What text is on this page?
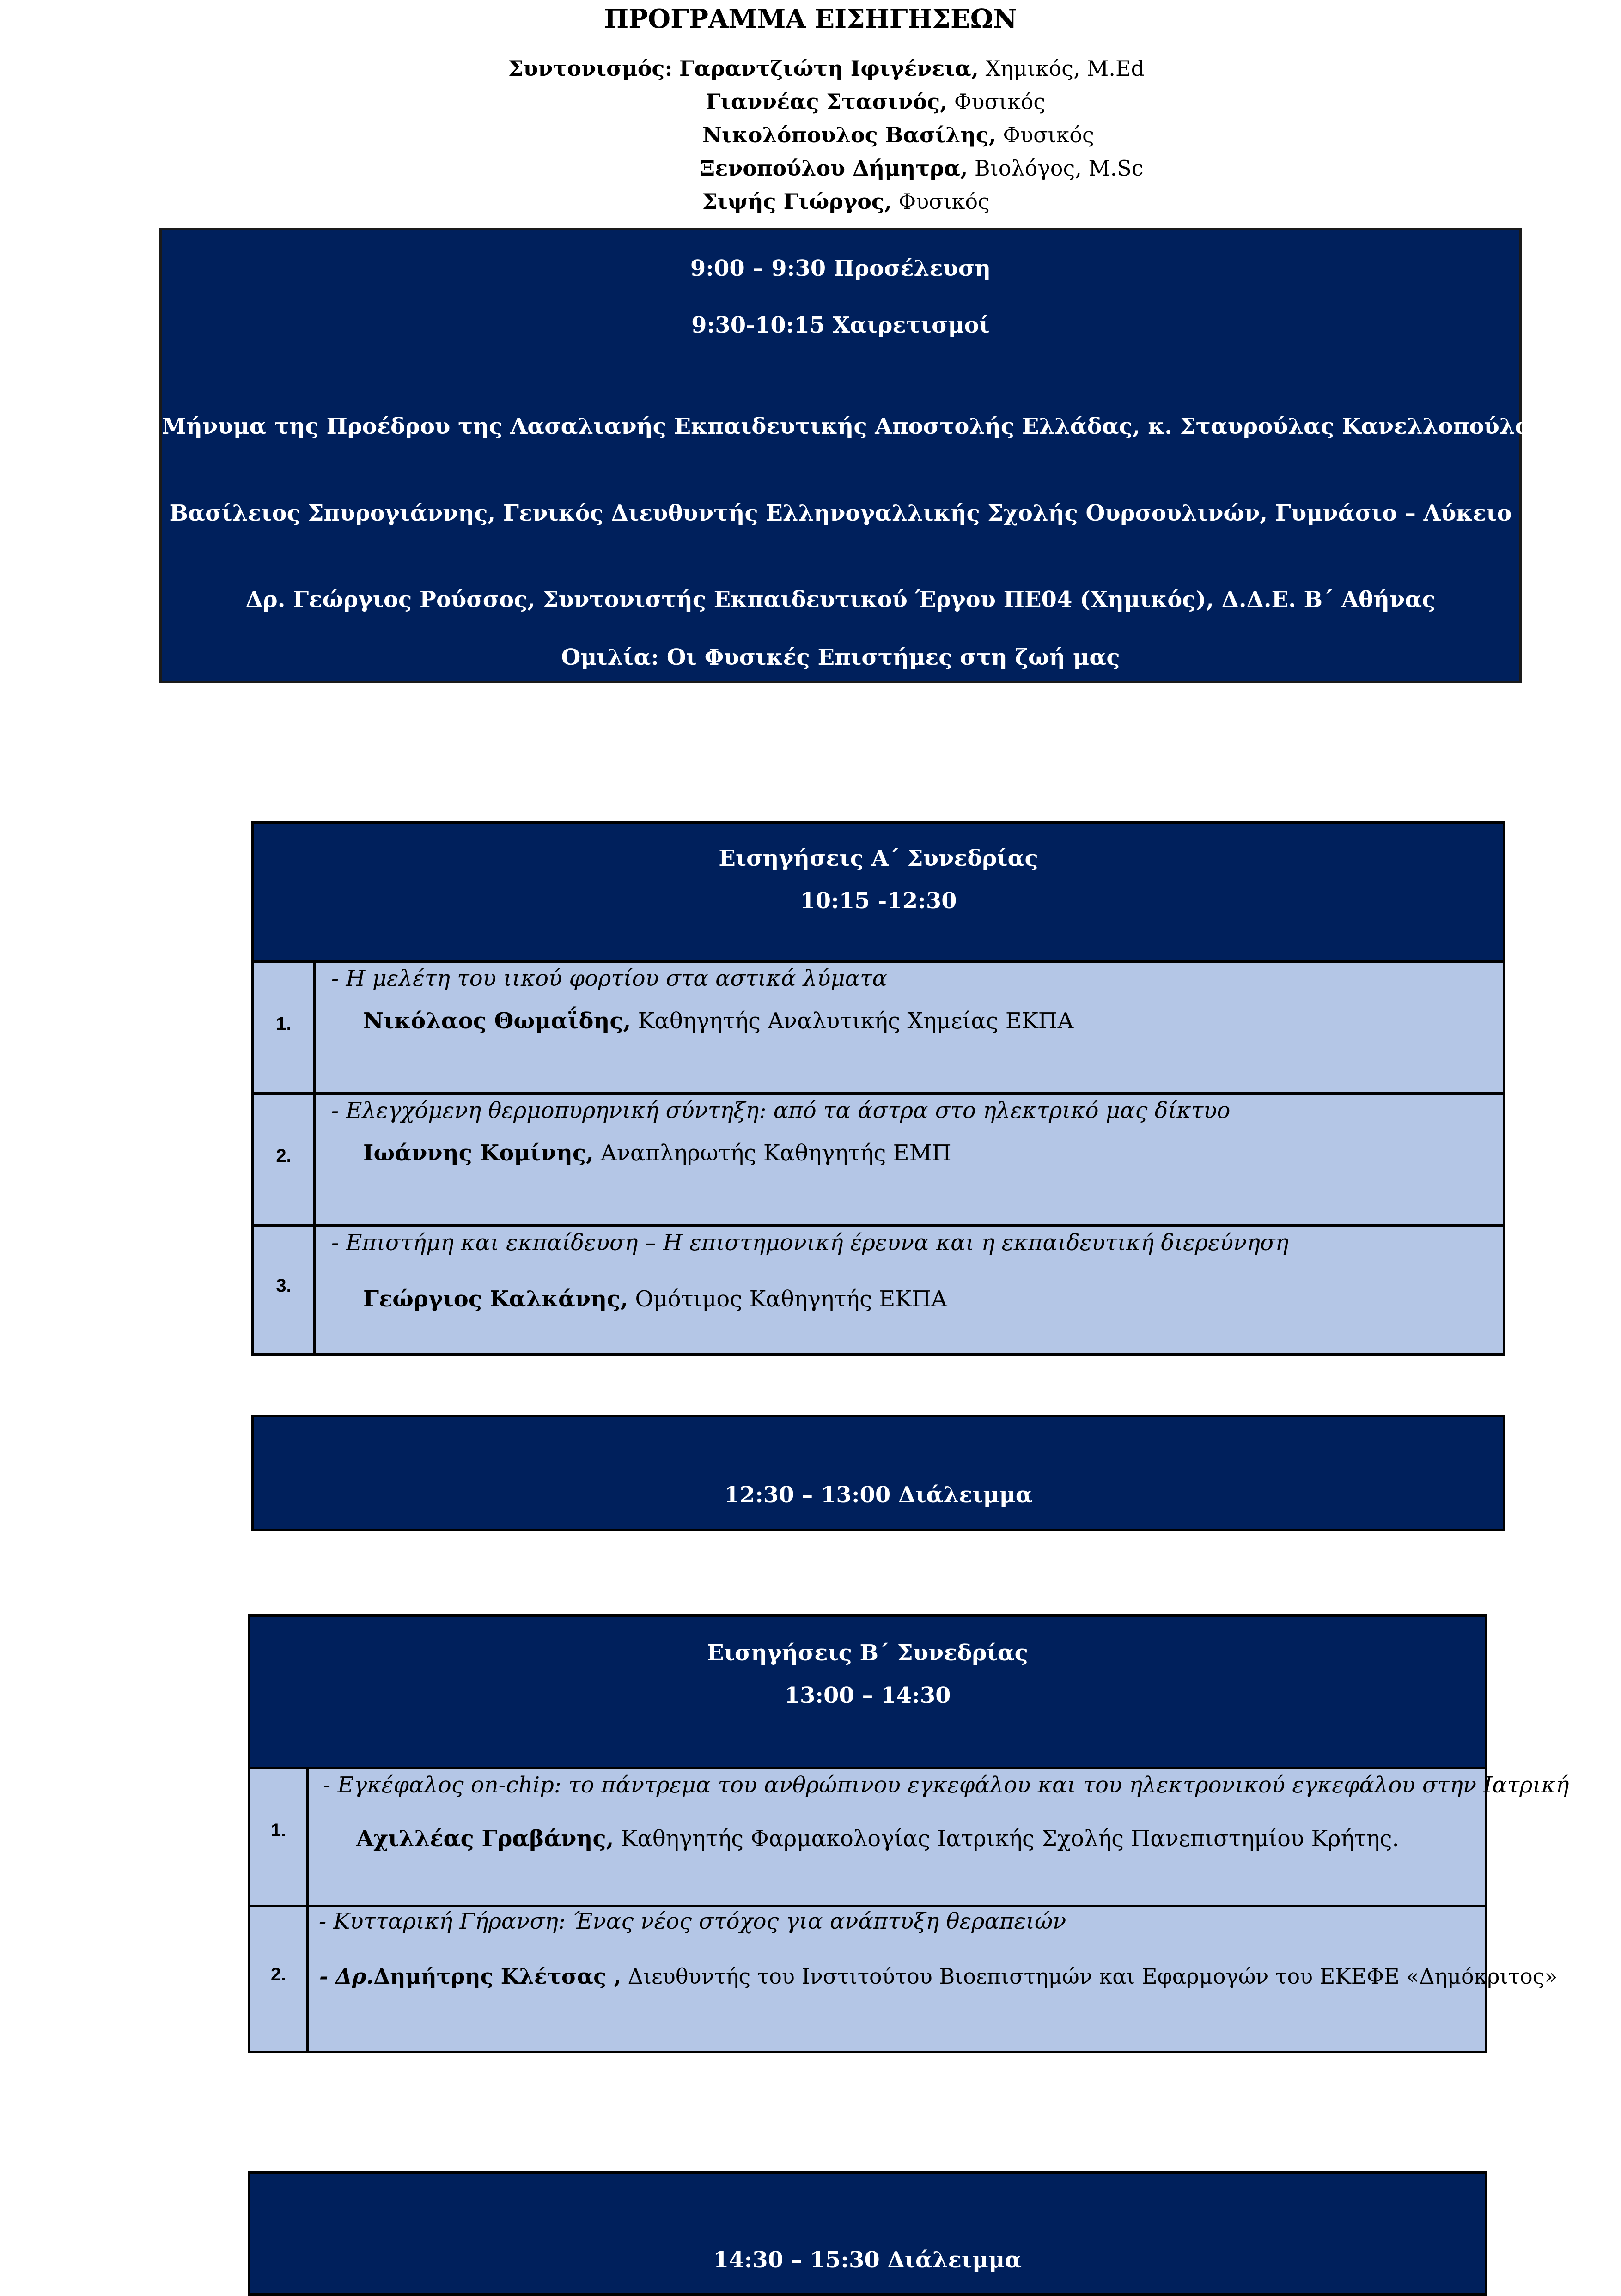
ΠΡΟΓΡΑΜΜΑ ΕΙΣΗΓΗΣΕΩΝ
Συντονισμός: Γαραντζιώτη Ιφιγένεια, Χημικός, M.Ed
Γιαννέας Στασινός, Φυσικός
Νικολόπουλος Βασίλης, Φυσικός
Ξενοπούλου Δήμητρα, Βιολόγος, M.Sc
Σιψής Γιώργος, Φυσικός
9:00 – 9:30 Προσέλευση
9:30-10:15 Χαιρετισμοί
Μήνυμα της Προέδρου της Λασαλιανής Εκπαιδευτικής Αποστολής Ελλάδας, κ. Σταυρούλας Κανελλοπούλου
Βασίλειος Σπυρογιάννης, Γενικός Διευθυντής Ελληνογαλλικής Σχολής Ουρσουλινών, Γυμνάσιο – Λύκειο
Δρ. Γεώργιος Ρούσσος, Συντονιστής Εκπαιδευτικού Έργου ΠΕ04 (Χημικός), Δ.Δ.Ε. Β΄ Αθήνας
Ομιλία: Οι Φυσικές Επιστήμες στη ζωή μας
Εισηγήσεις Α΄ Συνεδρίας
10:15 -12:30
1.
- Η μελέτη του ιικού φορτίου στα αστικά λύματα
Νικόλαος Θωμαΐδης, Καθηγητής Αναλυτικής Χημείας ΕΚΠΑ
2.
- Ελεγχόμενη θερμοπυρηνική σύντηξη: από τα άστρα στο ηλεκτρικό μας δίκτυο
Ιωάννης Κομίνης, Αναπληρωτής Καθηγητής ΕΜΠ
3.
- Επιστήμη και εκπαίδευση – Η επιστημονική έρευνα και η εκπαιδευτική διερεύνηση
Γεώργιος Καλκάνης, Ομότιμος Καθηγητής ΕΚΠΑ
12:30 – 13:00 Διάλειμμα
Εισηγήσεις Β΄ Συνεδρίας
13:00 – 14:30
1.
- Εγκέφαλος on-chip: το πάντρεμα του ανθρώπινου εγκεφάλου και του ηλεκτρονικού εγκεφάλου στην Ιατρική
Αχιλλέας Γραβάνης, Καθηγητής Φαρμακολογίας Ιατρικής Σχολής Πανεπιστημίου Κρήτης.
2.
- Κυτταρική Γήρανση: Ένας νέος στόχος για ανάπτυξη θεραπειών
- Δρ.Δημήτρης Κλέτσας , Διευθυντής του Ινστιτούτου Βιοεπιστημών και Εφαρμογών του ΕΚΕΦΕ «Δημόκριτος»
14:30 – 15:30 Διάλειμμα
